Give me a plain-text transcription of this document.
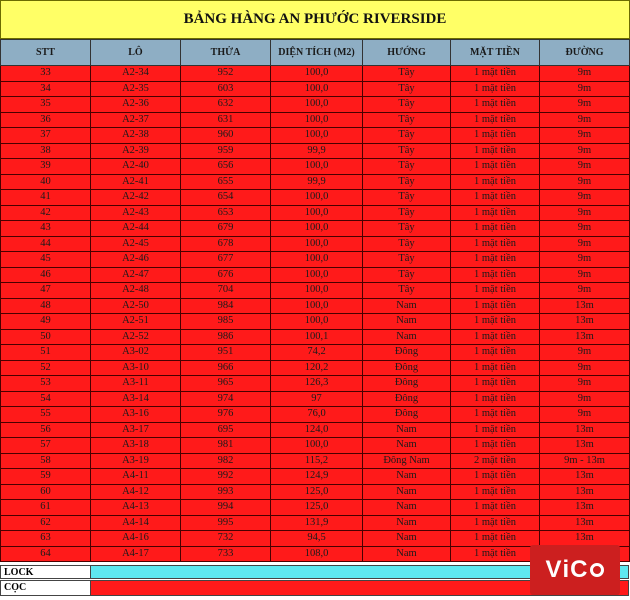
BẢNG HÀNG AN PHƯỚC RIVERSIDE
STT	LÔ	THỬA	DIỆN TÍCH (M2)	HƯỚNG	MẶT TIỀN	ĐƯỜNG
33	A2-34	952	100,0	Tây	1 mặt tiền	9m
34	A2-35	603	100,0	Tây	1 mặt tiền	9m
35	A2-36	632	100,0	Tây	1 mặt tiền	9m
36	A2-37	631	100,0	Tây	1 mặt tiền	9m
37	A2-38	960	100,0	Tây	1 mặt tiền	9m
38	A2-39	959	99,9	Tây	1 mặt tiền	9m
39	A2-40	656	100,0	Tây	1 mặt tiền	9m
40	A2-41	655	99,9	Tây	1 mặt tiền	9m
41	A2-42	654	100,0	Tây	1 mặt tiền	9m
42	A2-43	653	100,0	Tây	1 mặt tiền	9m
43	A2-44	679	100,0	Tây	1 mặt tiền	9m
44	A2-45	678	100,0	Tây	1 mặt tiền	9m
45	A2-46	677	100,0	Tây	1 mặt tiền	9m
46	A2-47	676	100,0	Tây	1 mặt tiền	9m
47	A2-48	704	100,0	Tây	1 mặt tiền	9m
48	A2-50	984	100,0	Nam	1 mặt tiền	13m
49	A2-51	985	100,0	Nam	1 mặt tiền	13m
50	A2-52	986	100,1	Nam	1 mặt tiền	13m
51	A3-02	951	74,2	Đông	1 mặt tiền	9m
52	A3-10	966	120,2	Đông	1 mặt tiền	9m
53	A3-11	965	126,3	Đông	1 mặt tiền	9m
54	A3-14	974	97	Đông	1 mặt tiền	9m
55	A3-16	976	76,0	Đông	1 mặt tiền	9m
56	A3-17	695	124,0	Nam	1 mặt tiền	13m
57	A3-18	981	100,0	Nam	1 mặt tiền	13m
58	A3-19	982	115,2	Đông Nam	2 mặt tiền	9m - 13m
59	A4-11	992	124,9	Nam	1 mặt tiền	13m
60	A4-12	993	125,0	Nam	1 mặt tiền	13m
61	A4-13	994	125,0	Nam	1 mặt tiền	13m
62	A4-14	995	131,9	Nam	1 mặt tiền	13m
63	A4-16	732	94,5	Nam	1 mặt tiền	13m
64	A4-17	733	108,0	Nam	1 mặt tiền	
LOCK
CỌC
V i C
